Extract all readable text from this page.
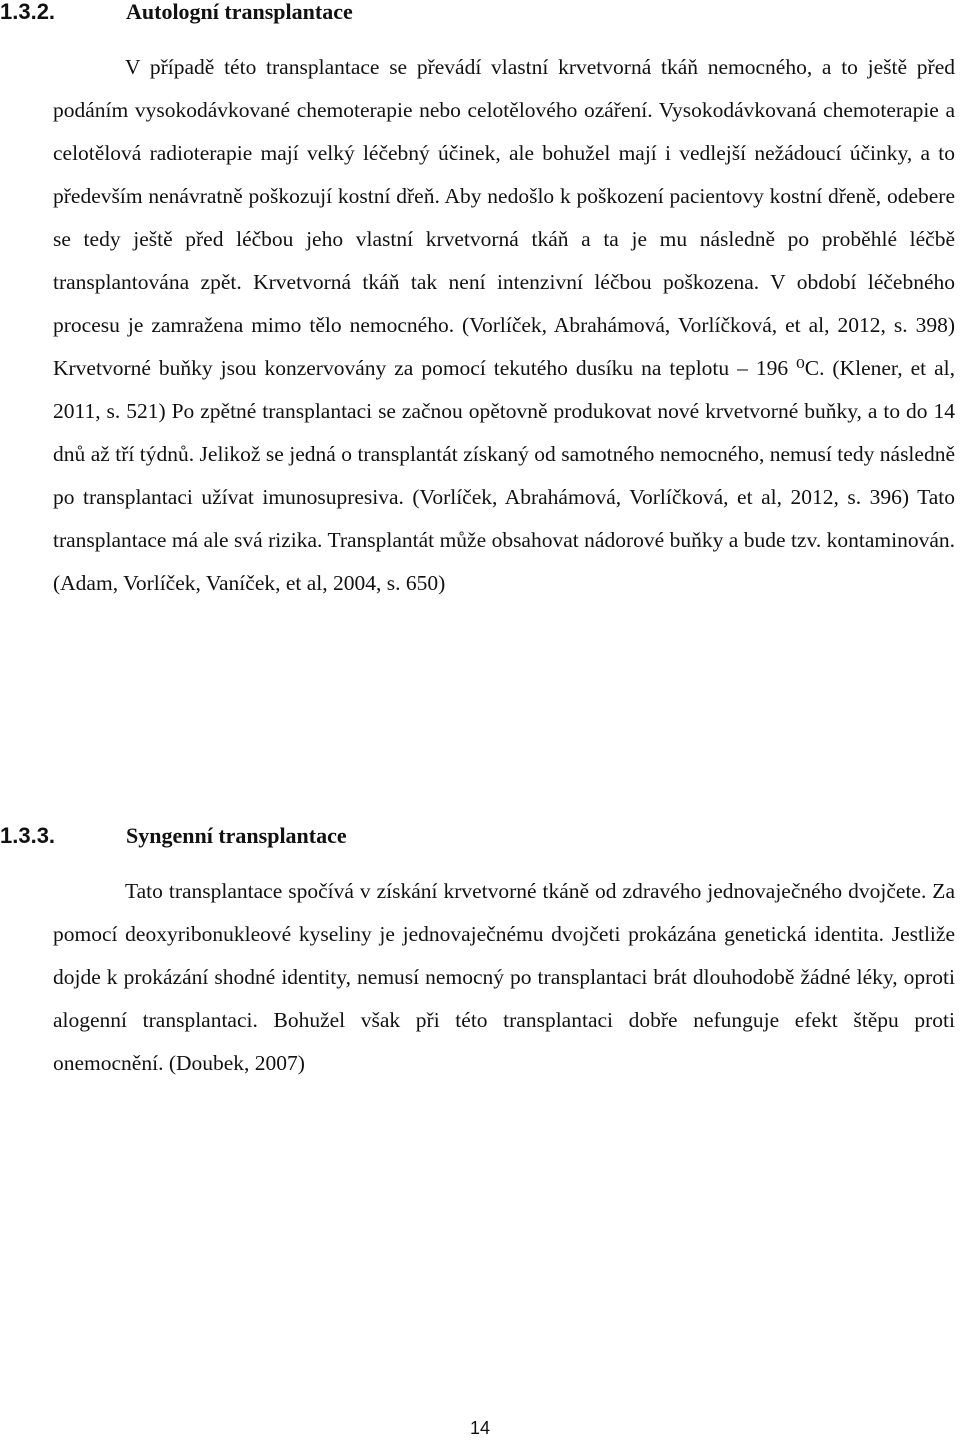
1.3.2.	Autologní transplantace

V případě této transplantace se převádí vlastní krvetvorná tkáň nemocného, a to ještě před podáním vysokodávkované chemoterapie nebo celotělového ozáření. Vysokodávkovaná chemoterapie a celotělová radioterapie mají velký léčebný účinek, ale bohužel mají i vedlejší nežádoucí účinky, a to především nenávratně poškozují kostní dřeň. Aby nedošlo k poškození pacientovy kostní dřeně, odebere se tedy ještě před léčbou jeho vlastní krvetvorná tkáň a ta je mu následně po proběhlé léčbě transplantována zpět. Krvetvorná tkáň tak není intenzivní léčbou poškozena. V období léčebného procesu je zamražena mimo tělo nemocného. (Vorlíček, Abrahámová, Vorlíčková, et al, 2012, s. 398) Krvetvorné buňky jsou konzervovány za pomocí tekutého dusíku na teplotu – 196 ⁰C. (Klener, et al, 2011, s. 521) Po zpětné transplantaci se začnou opětovně produkovat nové krvetvorné buňky, a to do 14 dnů až tří týdnů. Jelikož se jedná o transplantát získaný od samotného nemocného, nemusí tedy následně po transplantaci užívat imunosupresiva. (Vorlíček, Abrahámová, Vorlíčková, et al, 2012, s. 396) Tato transplantace má ale svá rizika. Transplantát může obsahovat nádorové buňky a bude tzv. kontaminován. (Adam, Vorlíček, Vaníček, et al, 2004, s. 650)

1.3.3.	Syngenní transplantace

Tato transplantace spočívá v získání krvetvorné tkáně od zdravého jednovaječného dvojčete. Za pomocí deoxyribonukleové kyseliny je jednovaječnému dvojčeti prokázána genetická identita. Jestliže dojde k prokázání shodné identity, nemusí nemocný po transplantaci brát dlouhodobě žádné léky, oproti alogenní transplantaci. Bohužel však při této transplantaci dobře nefunguje efekt štěpu proti onemocnění. (Doubek, 2007)

14
